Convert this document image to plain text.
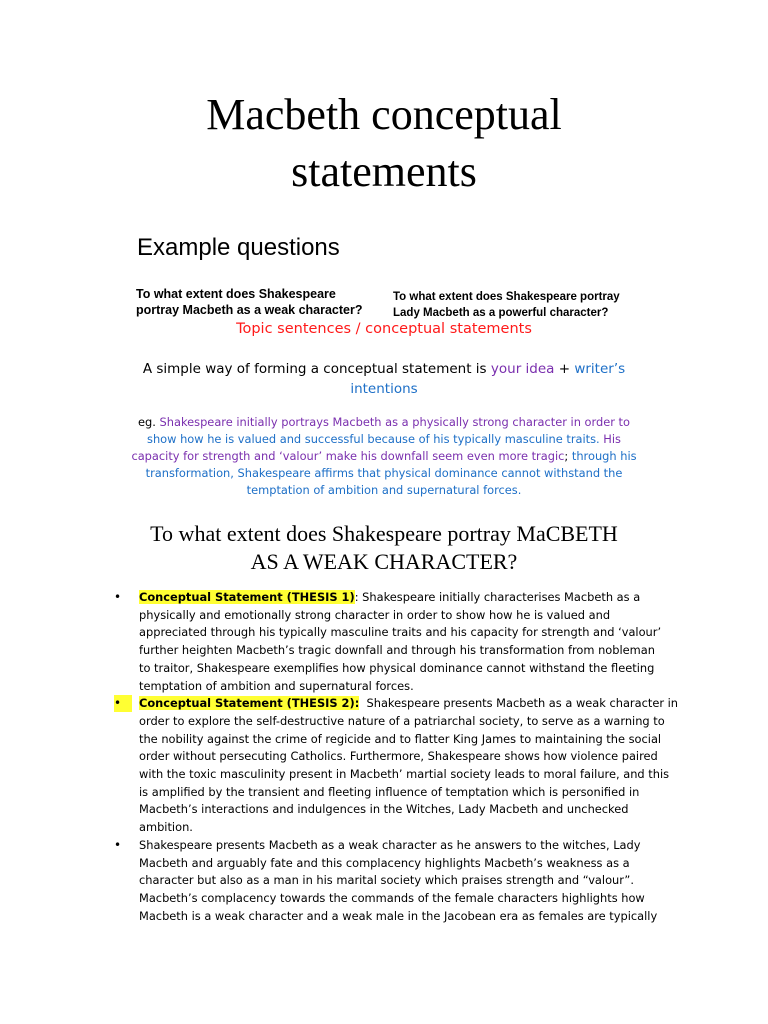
Macbeth conceptual
statements
Example questions
To what extent does Shakespeare
portray Macbeth as a weak character?
To what extent does Shakespeare portray
Lady Macbeth as a powerful character?
Topic sentences / conceptual statements
A simple way of forming a conceptual statement is your idea + writer’s
intentions
eg. Shakespeare initially portrays Macbeth as a physically strong character in order to
show how he is valued and successful because of his typically masculine traits. His
capacity for strength and ‘valour’ make his downfall seem even more tragic; through his
transformation, Shakespeare affirms that physical dominance cannot withstand the
temptation of ambition and supernatural forces.
To what extent does Shakespeare portray MaCBETH
AS A WEAK CHARACTER?
•	Conceptual Statement (THESIS 1): Shakespeare initially characterises Macbeth as a
physically and emotionally strong character in order to show how he is valued and
appreciated through his typically masculine traits and his capacity for strength and ‘valour’
further heighten Macbeth’s tragic downfall and through his transformation from nobleman
to traitor, Shakespeare exemplifies how physical dominance cannot withstand the fleeting
temptation of ambition and supernatural forces.
•	Conceptual Statement (THESIS 2):  Shakespeare presents Macbeth as a weak character in
order to explore the self-destructive nature of a patriarchal society, to serve as a warning to
the nobility against the crime of regicide and to flatter King James to maintaining the social
order without persecuting Catholics. Furthermore, Shakespeare shows how violence paired
with the toxic masculinity present in Macbeth’ martial society leads to moral failure, and this
is amplified by the transient and fleeting influence of temptation which is personified in
Macbeth’s interactions and indulgences in the Witches, Lady Macbeth and unchecked
ambition.
•	Shakespeare presents Macbeth as a weak character as he answers to the witches, Lady
Macbeth and arguably fate and this complacency highlights Macbeth’s weakness as a
character but also as a man in his marital society which praises strength and “valour”.
Macbeth’s complacency towards the commands of the female characters highlights how
Macbeth is a weak character and a weak male in the Jacobean era as females are typically
